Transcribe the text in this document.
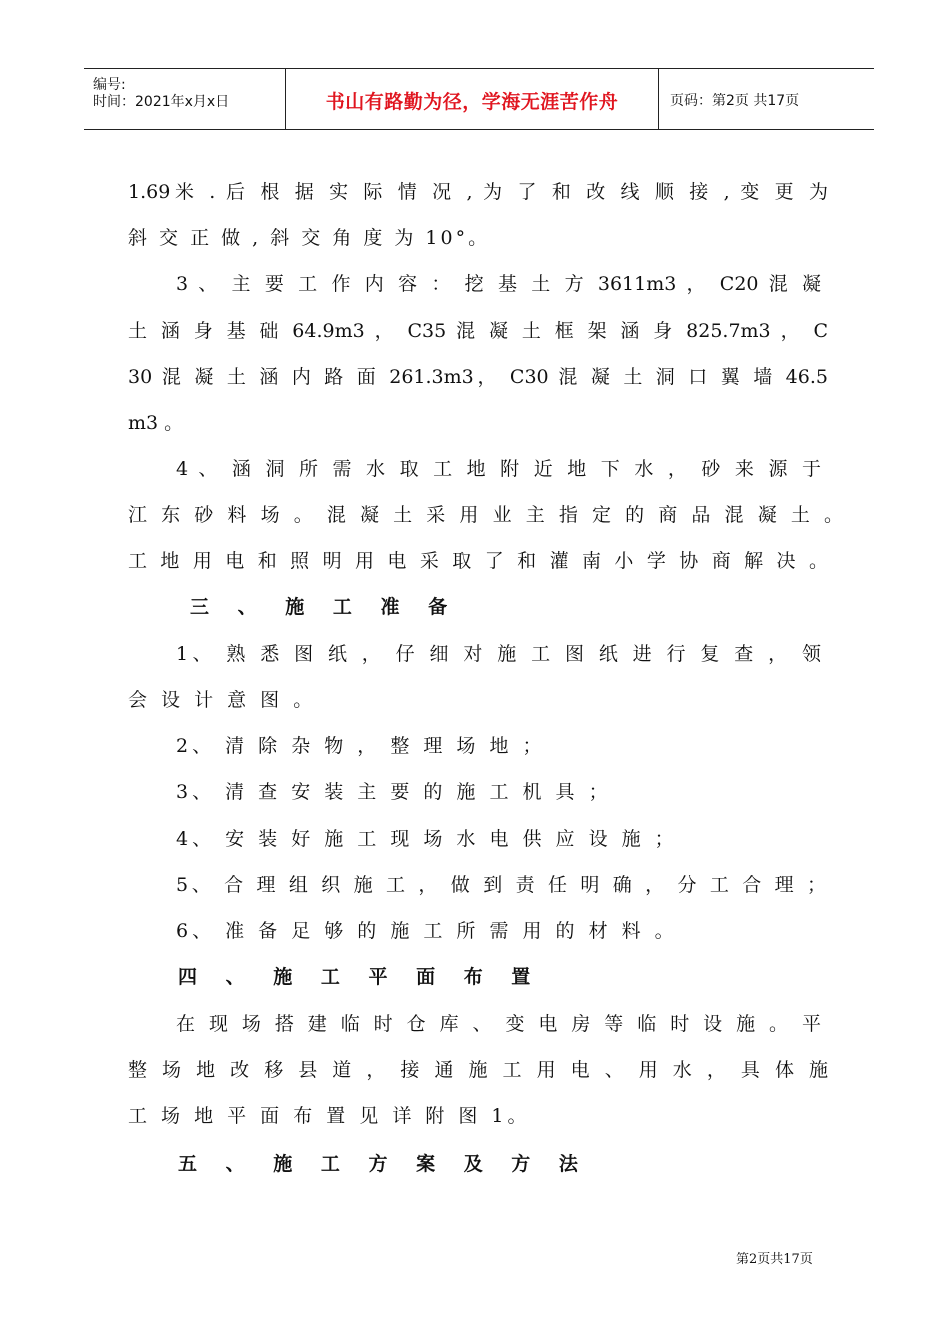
编号:
时间：2021年x月x日	书山有路勤为径，学海无涯苦作舟	页码：第2页 共17页
1.69米 . 后 根 据 实 际 情 况 , 为 了 和 改 线 顺 接 , 变 更 为
斜 交 正 做 , 斜 交 角 度 为 10°。
3 、 主 要 工 作 内 容 ： 挖 基 土 方 3611m3 ， C20 混 凝
土 涵 身 基 础 64.9m3 ， C35 混 凝 土 框 架 涵 身 825.7m3 ， C
30 混 凝 土 涵 内 路 面 261.3m3， C30 混 凝 土 洞 口 翼 墙 46.5
m3 。
4 、 涵 洞 所 需 水 取 工 地 附 近 地 下 水 ， 砂 来 源 于
江 东 砂 料 场 。 混 凝 土 采 用 业 主 指 定 的 商 品 混 凝 土 。
工 地 用 电 和 照 明 用 电 采 取 了 和 灌 南 小 学 协 商 解 决 。
三 、 施 工 准 备
1、 熟 悉 图 纸 ， 仔 细 对 施 工 图 纸 进 行 复 查 ， 领
会 设 计 意 图 。
2、 清 除 杂 物 ， 整 理 场 地 ；
3、 清 查 安 装 主 要 的 施 工 机 具 ；
4、 安 装 好 施 工 现 场 水 电 供 应 设 施 ；
5、 合 理 组 织 施 工 ， 做 到 责 任 明 确 ， 分 工 合 理 ；
6、 准 备 足 够 的 施 工 所 需 用 的 材 料 。
四 、 施 工 平 面 布 置
在 现 场 搭 建 临 时 仓 库 、 变 电 房 等 临 时 设 施 。 平
整 场 地 改 移 县 道 ， 接 通 施 工 用 电 、 用 水 ， 具 体 施
工 场 地 平 面 布 置 见 详 附 图 1。
五 、 施 工 方 案 及 方 法
第2页共17页
